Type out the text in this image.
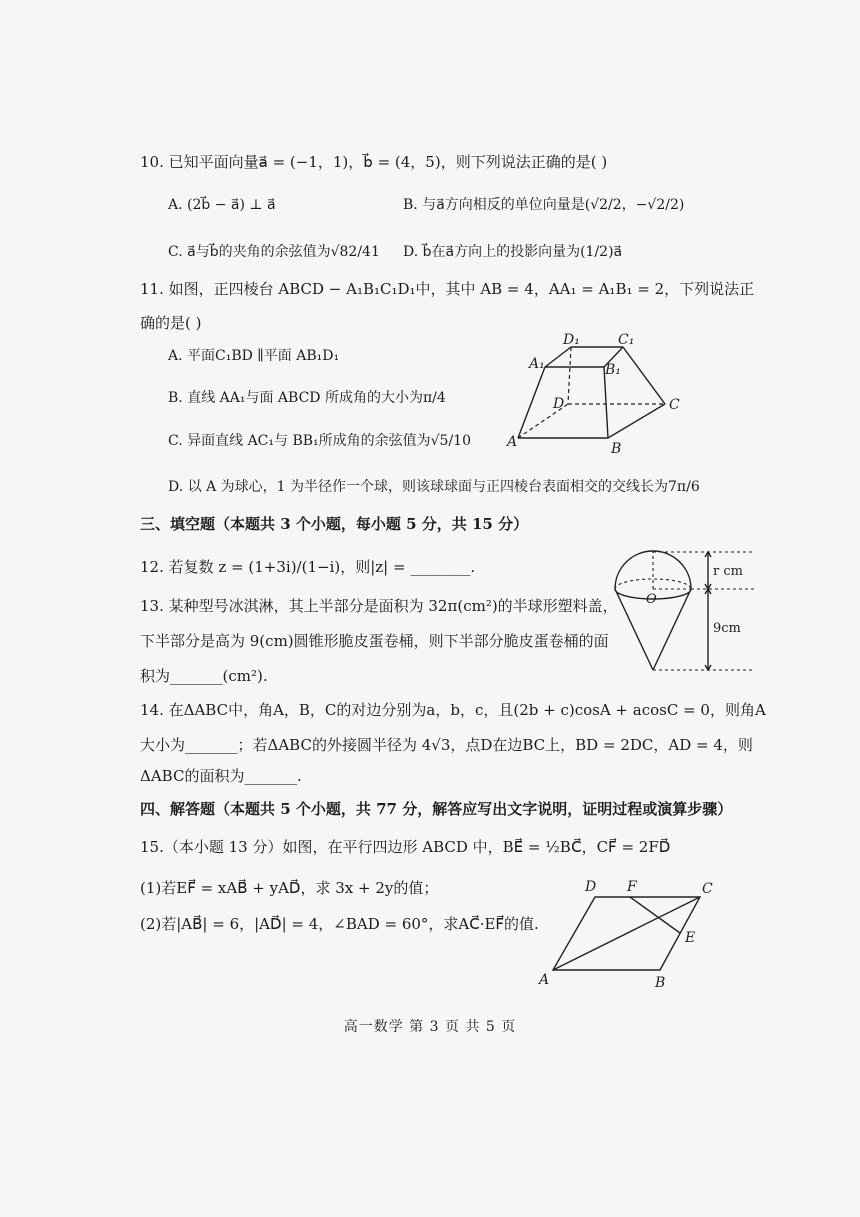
10. 已知平面向量a⃗ = (−1，1)，b⃗ = (4，5)，则下列说法正确的是( )
A. (2b⃗ − a⃗) ⊥ a⃗	B. 与a⃗方向相反的单位向量是(√2/2，−√2/2)
C. a⃗与b⃗的夹角的余弦值为√82/41 D. b⃗在a⃗方向上的投影向量为(1/2)a⃗
11. 如图，正四棱台 ABCD − A₁B₁C₁D₁中，其中 AB = 4，AA₁ = A₁B₁ = 2，下列说法正
确的是( )
A. 平面C₁BD ∥平面 AB₁D₁
B. 直线 AA₁与面 ABCD 所成角的大小为π/4
C. 异面直线 AC₁与 BB₁所成角的余弦值为√5/10
D. 以 A 为球心，1 为半径作一个球，则该球球面与正四棱台表面相交的交线长为7π/6
D₁	C₁
A₁	B₁
D	C
A	B
三、填空题（本题共 3 个小题，每小题 5 分，共 15 分）
12. 若复数 z = (1+3i)/(1−i)，则|z| = ________.
13. 某种型号冰淇淋，其上半部分是面积为 32π(cm²)的半球形塑料盖，
下半部分是高为 9(cm)圆锥形脆皮蛋卷桶，则下半部分脆皮蛋卷桶的面
积为_______(cm²).
O
r cm
9cm
14. 在ΔABC中，角A，B，C的对边分别为a，b，c，且(2b + c)cosA + acosC = 0，则角A
大小为_______；若ΔABC的外接圆半径为 4√3，点D在边BC上，BD = 2DC，AD = 4，则
ΔABC的面积为_______.
四、解答题（本题共 5 个小题，共 77 分，解答应写出文字说明，证明过程或演算步骤）
15.（本小题 13 分）如图，在平行四边形 ABCD 中，BE⃗ = ½BC⃗，CF⃗ = 2FD⃗
(1)若EF⃗ = xAB⃗ + yAD⃗，求 3x + 2y的值；
(2)若|AB⃗| = 6，|AD⃗| = 4，∠BAD = 60°，求AC⃗·EF⃗的值.
D F	C
E
A	B
高一数学 第 3 页 共 5 页
